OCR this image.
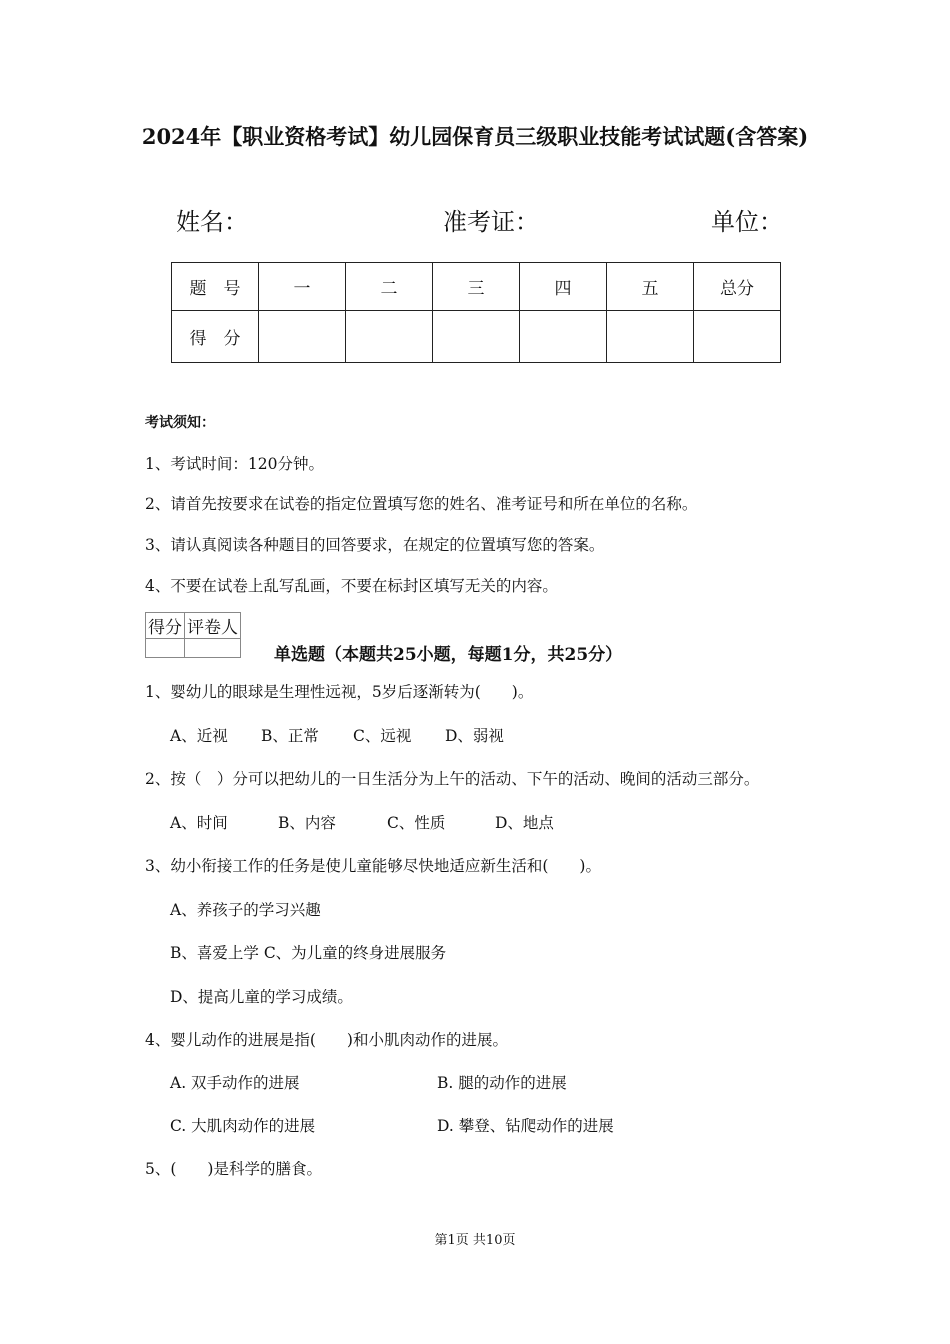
2024年【职业资格考试】幼儿园保育员三级职业技能考试试题(含答案)
姓名：	准考证：	单位：
题　号	一	二	三	四	五	总分
得　分						
考试须知：
1、考试时间：120分钟。
2、请首先按要求在试卷的指定位置填写您的姓名、准考证号和所在单位的名称。
3、请认真阅读各种题目的回答要求，在规定的位置填写您的答案。
4、不要在试卷上乱写乱画，不要在标封区填写无关的内容。
得分	评卷人

单选题（本题共25小题，每题1分，共25分）
1、婴幼儿的眼球是生理性远视，5岁后逐渐转为(　　)。
A、近视 B、正常 C、远视 D、弱视
2、按（　）分可以把幼儿的一日生活分为上午的活动、下午的活动、晚间的活动三部分。
A、时间	B、内容	C、性质	D、地点
3、幼小衔接工作的任务是使儿童能够尽快地适应新生活和(　　)。
A、养孩子的学习兴趣
B、喜爱上学 C、为儿童的终身进展服务
D、提高儿童的学习成绩。
4、婴儿动作的进展是指(　　)和小肌肉动作的进展。
A. 双手动作的进展	B. 腿的动作的进展
C. 大肌肉动作的进展	D. 攀登、钻爬动作的进展
5、(　　)是科学的膳食。
第1页 共10页
